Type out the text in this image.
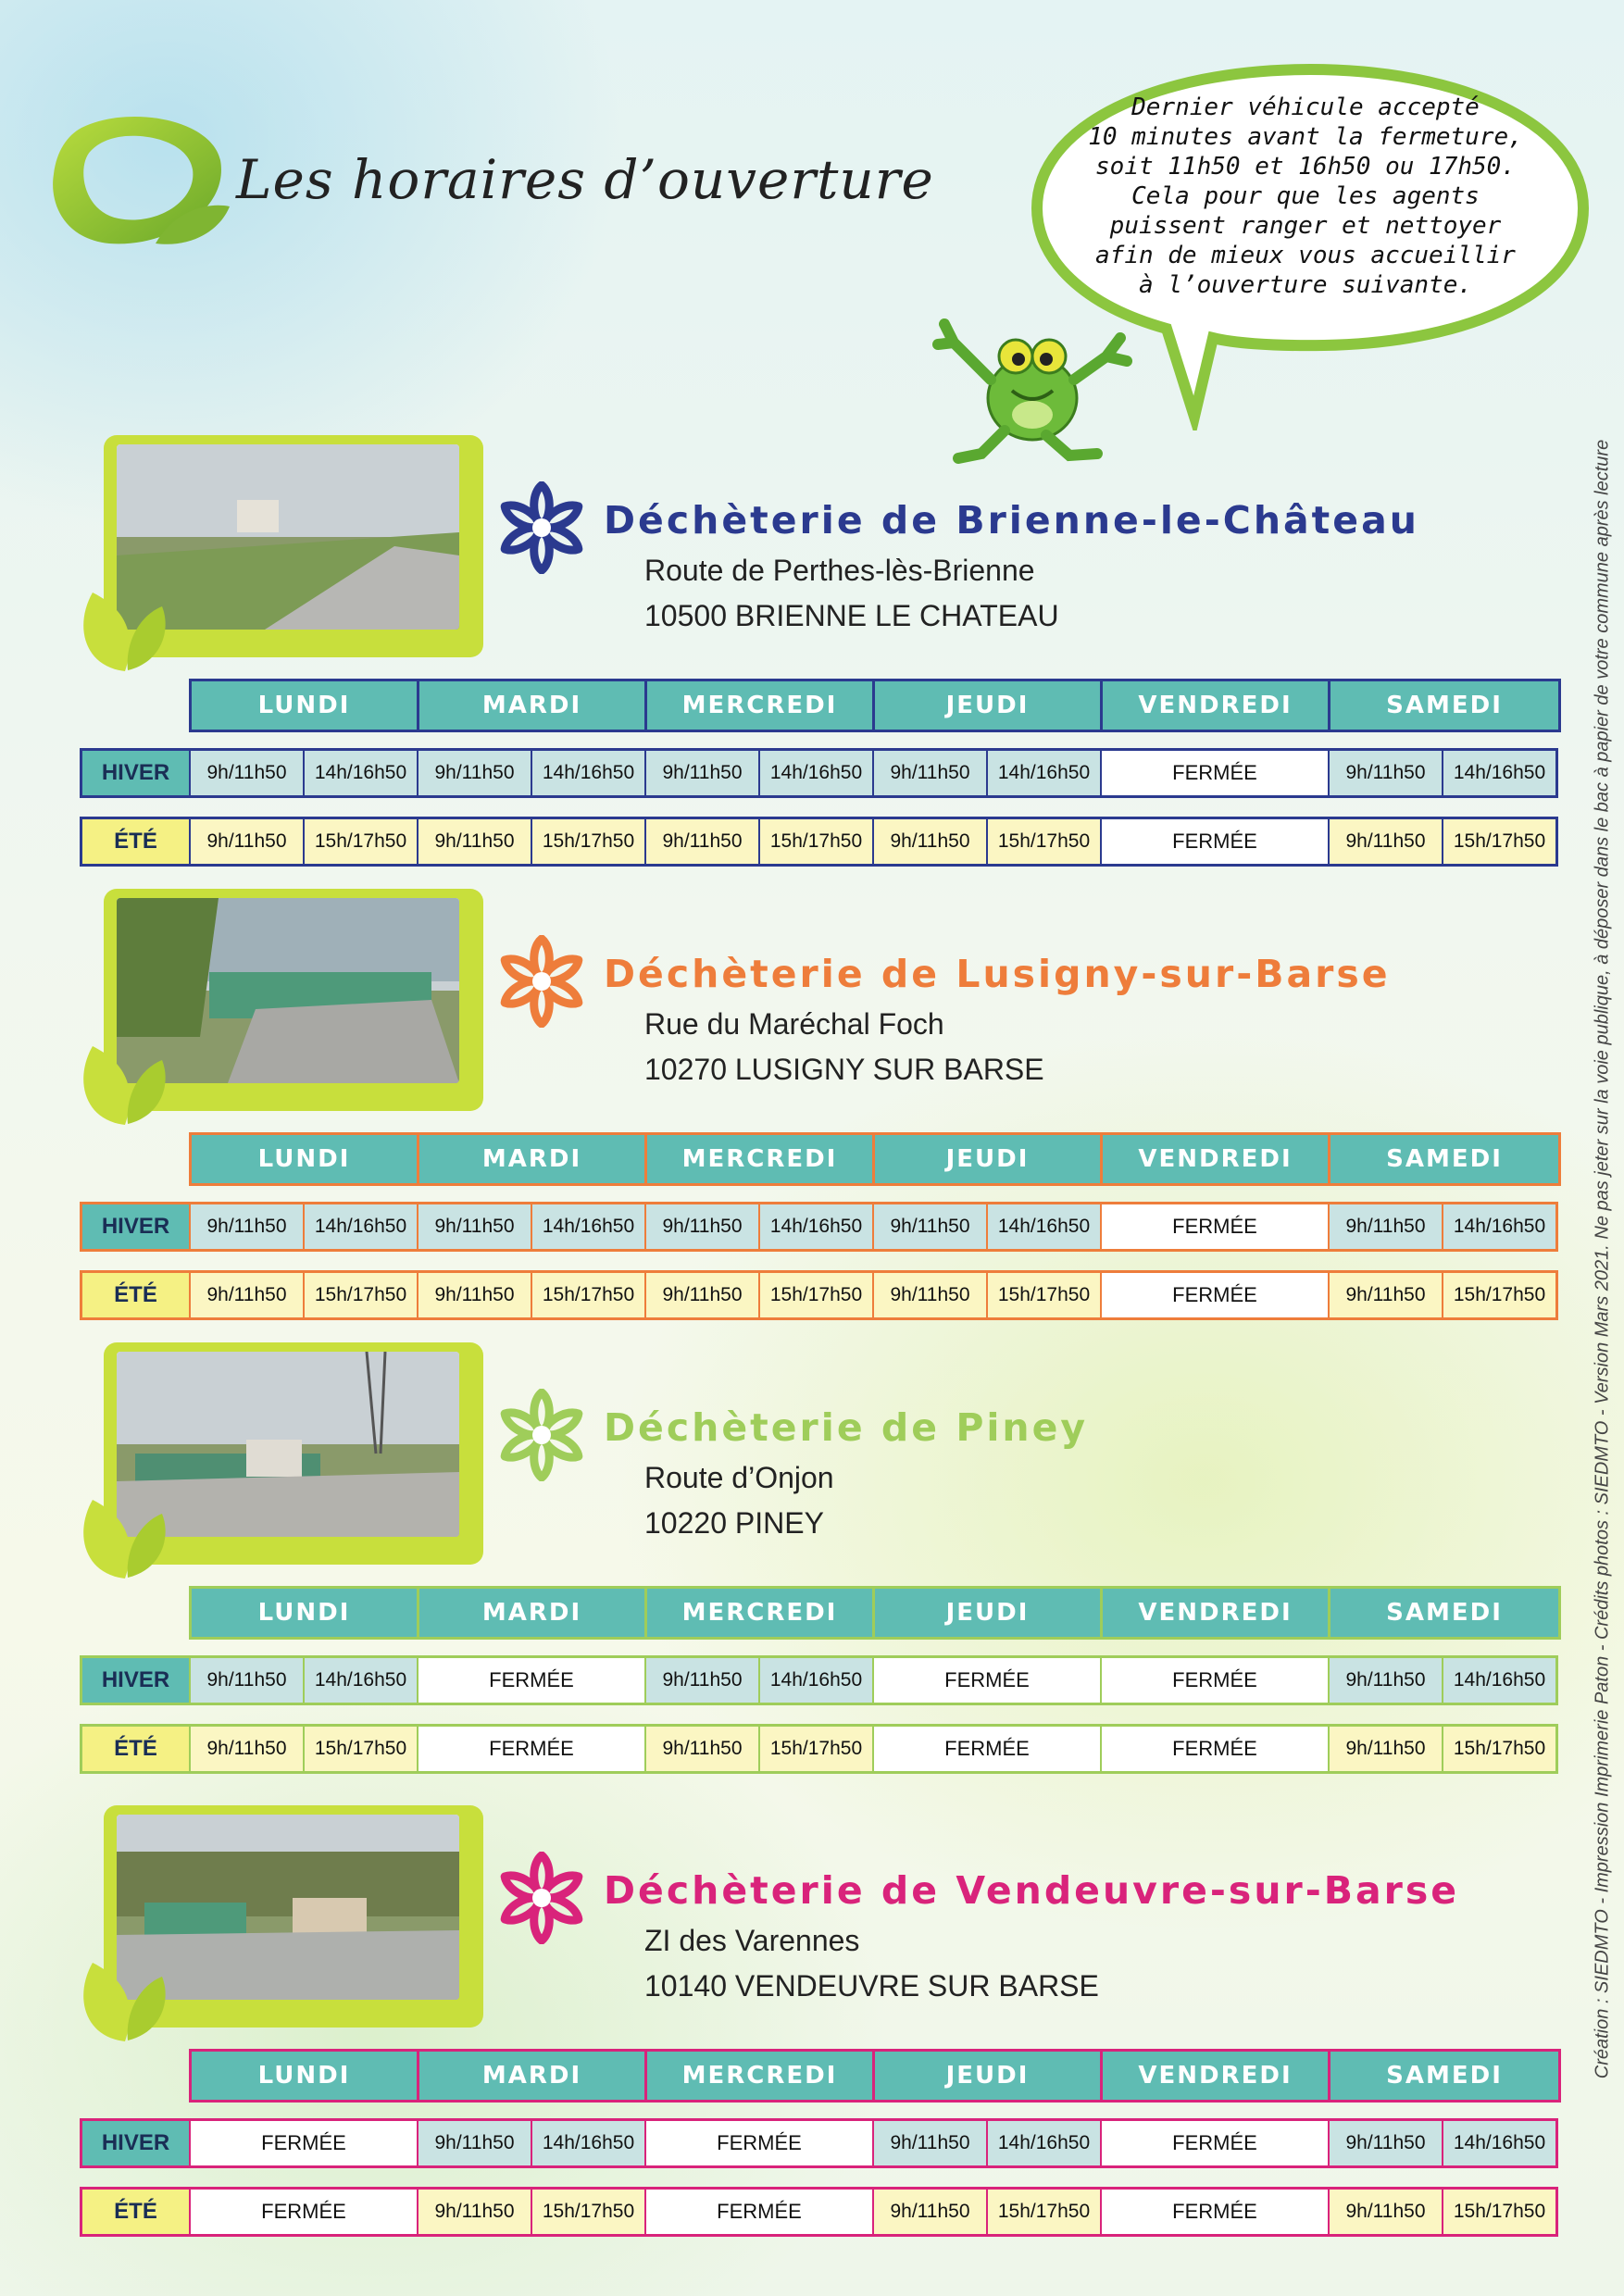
Les horaires d’ouverture
Dernier véhicule accepté
10 minutes avant la fermeture,
soit 11h50 et 16h50 ou 17h50.
Cela pour que les agents
puissent ranger et nettoyer
afin de mieux vous accueillir
à l’ouverture suivante.
Création : SIEDMTO - Impression Imprimerie Paton - Crédits photos : SIEDMTO - Version Mars 2021. Ne pas jeter sur la voie publique, à déposer dans le bac à papier de votre commune après lecture
Déchèterie de Brienne-le-Château
Route de Perthes-lès-Brienne
10500 BRIENNE LE CHATEAU
LUNDI	MARDI	MERCREDI	JEUDI	VENDREDI	SAMEDI
HIVER	9h/11h50	14h/16h50	9h/11h50	14h/16h50	9h/11h50	14h/16h50	9h/11h50	14h/16h50	FERMÉE	9h/11h50	14h/16h50
ÉTÉ	9h/11h50	15h/17h50	9h/11h50	15h/17h50	9h/11h50	15h/17h50	9h/11h50	15h/17h50	FERMÉE	9h/11h50	15h/17h50
Déchèterie de Lusigny-sur-Barse
Rue du Maréchal Foch
10270 LUSIGNY SUR BARSE
LUNDI	MARDI	MERCREDI	JEUDI	VENDREDI	SAMEDI
HIVER	9h/11h50	14h/16h50	9h/11h50	14h/16h50	9h/11h50	14h/16h50	9h/11h50	14h/16h50	FERMÉE	9h/11h50	14h/16h50
ÉTÉ	9h/11h50	15h/17h50	9h/11h50	15h/17h50	9h/11h50	15h/17h50	9h/11h50	15h/17h50	FERMÉE	9h/11h50	15h/17h50
Déchèterie de Piney
Route d’Onjon
10220 PINEY
LUNDI	MARDI	MERCREDI	JEUDI	VENDREDI	SAMEDI
HIVER	9h/11h50	14h/16h50	FERMÉE	9h/11h50	14h/16h50	FERMÉE	FERMÉE	9h/11h50	14h/16h50
ÉTÉ	9h/11h50	15h/17h50	FERMÉE	9h/11h50	15h/17h50	FERMÉE	FERMÉE	9h/11h50	15h/17h50
Déchèterie de Vendeuvre-sur-Barse
ZI des Varennes
10140 VENDEUVRE SUR BARSE
LUNDI	MARDI	MERCREDI	JEUDI	VENDREDI	SAMEDI
HIVER	FERMÉE	9h/11h50	14h/16h50	FERMÉE	9h/11h50	14h/16h50	FERMÉE	9h/11h50	14h/16h50
ÉTÉ	FERMÉE	9h/11h50	15h/17h50	FERMÉE	9h/11h50	15h/17h50	FERMÉE	9h/11h50	15h/17h50
